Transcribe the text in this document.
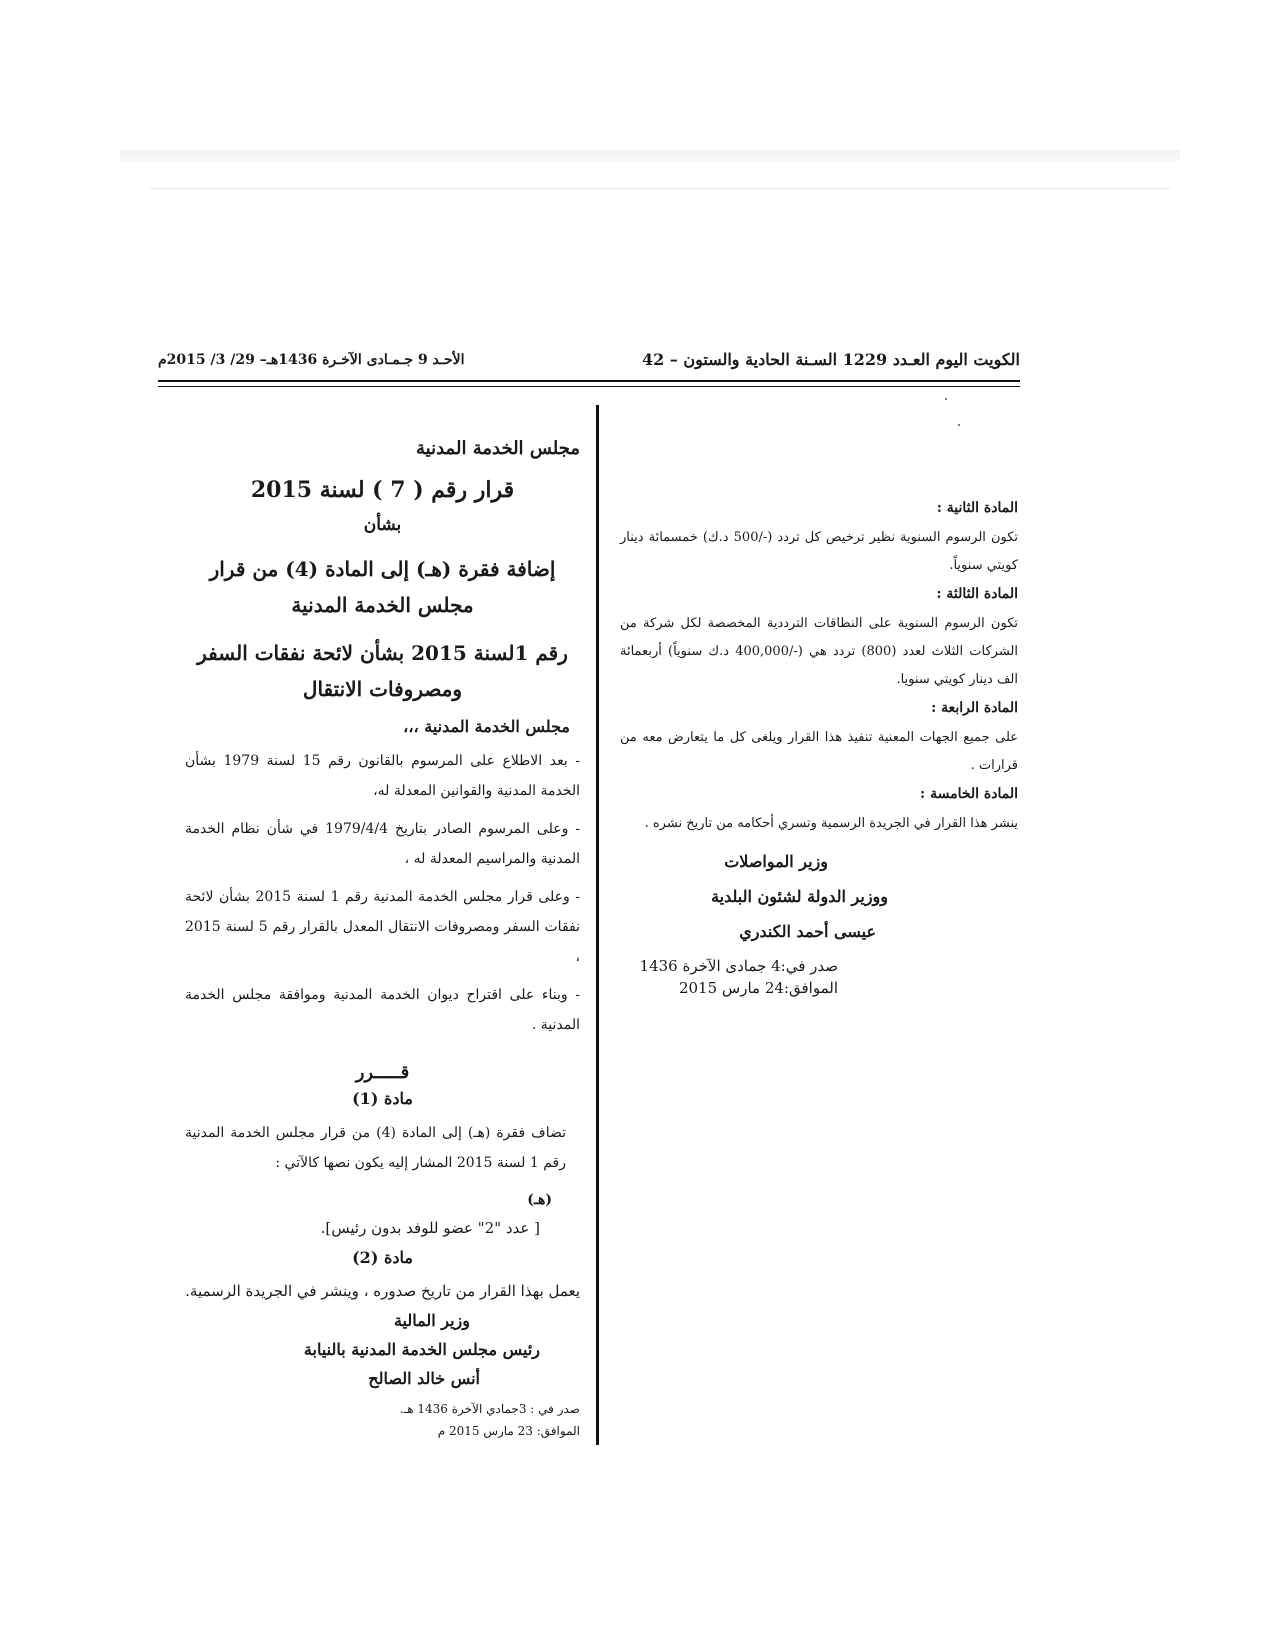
الكويت اليوم العـدد 1229 السـنة الحادية والستون – 42
الأحـد 9 جـمـادى الآخـرة 1436هـ– 29/ 3/ 2015م

مجلس الخدمة المدنية

قرار رقم ( 7 ) لسنة 2015

بشأن

إضافة فقرة (هـ) إلى المادة (4) من قرار مجلس الخدمة المدنية

رقم 1لسنة 2015 بشأن لائحة نفقات السفر ومصروفات الانتقال

مجلس الخدمة المدنية ،،،

- بعد الاطلاع على المرسوم بالقانون رقم 15 لسنة 1979 بشأن الخدمة المدنية والقوانين المعدلة له،

- وعلى المرسوم الصادر بتاريخ 1979/4/4 في شأن نظام الخدمة المدنية والمراسيم المعدلة له ،

- وعلى قرار مجلس الخدمة المدنية رقم 1 لسنة 2015 بشأن لائحة نفقات السفر ومصروفات الانتقال المعدل بالقرار رقم 5 لسنة 2015 ،

- وبناء على اقتراح ديوان الخدمة المدنية وموافقة مجلس الخدمة المدنية .

قـــــرر

مادة (1)

تضاف فقرة (هـ) إلى المادة (4) من قرار مجلس الخدمة المدنية رقم 1 لسنة 2015 المشار إليه يكون نصها كالآتي :

(هـ)

[ عدد "2" عضو للوفد بدون رئيس].

مادة (2)

يعمل بهذا القرار من تاريخ صدوره ، وينشر في الجريدة الرسمية.

وزير المالية

رئيس مجلس الخدمة المدنية بالنيابة

أنس خالد الصالح

صدر في : 3جمادي الآخرة 1436 هـ.

الموافق: 23 مارس 2015 م

المادة الثانية :

تكون الرسوم السنوية نظير ترخيص كل تردد (-/500 د.ك) خمسمائة دينار كويتي سنوياً.

المادة الثالثة :

تكون الرسوم السنوية على النطاقات الترددية المخصصة لكل شركة من الشركات الثلاث لعدد (800) تردد هي (-/400,000 د.ك سنوياً) أربعمائة الف دينار كويتي سنويا.

المادة الرابعة :

على جميع الجهات المعنية تنفيذ هذا القرار ويلغى كل ما يتعارض معه من قرارات .

المادة الخامسة :

ينشر هذا القرار في الجريدة الرسمية وتسري أحكامه من تاريخ نشره .

وزير المواصلات

ووزير الدولة لشئون البلدية

عيسى أحمد الكندري

صدر في:4 جمادى الآخرة 1436

الموافق:24 مارس 2015
